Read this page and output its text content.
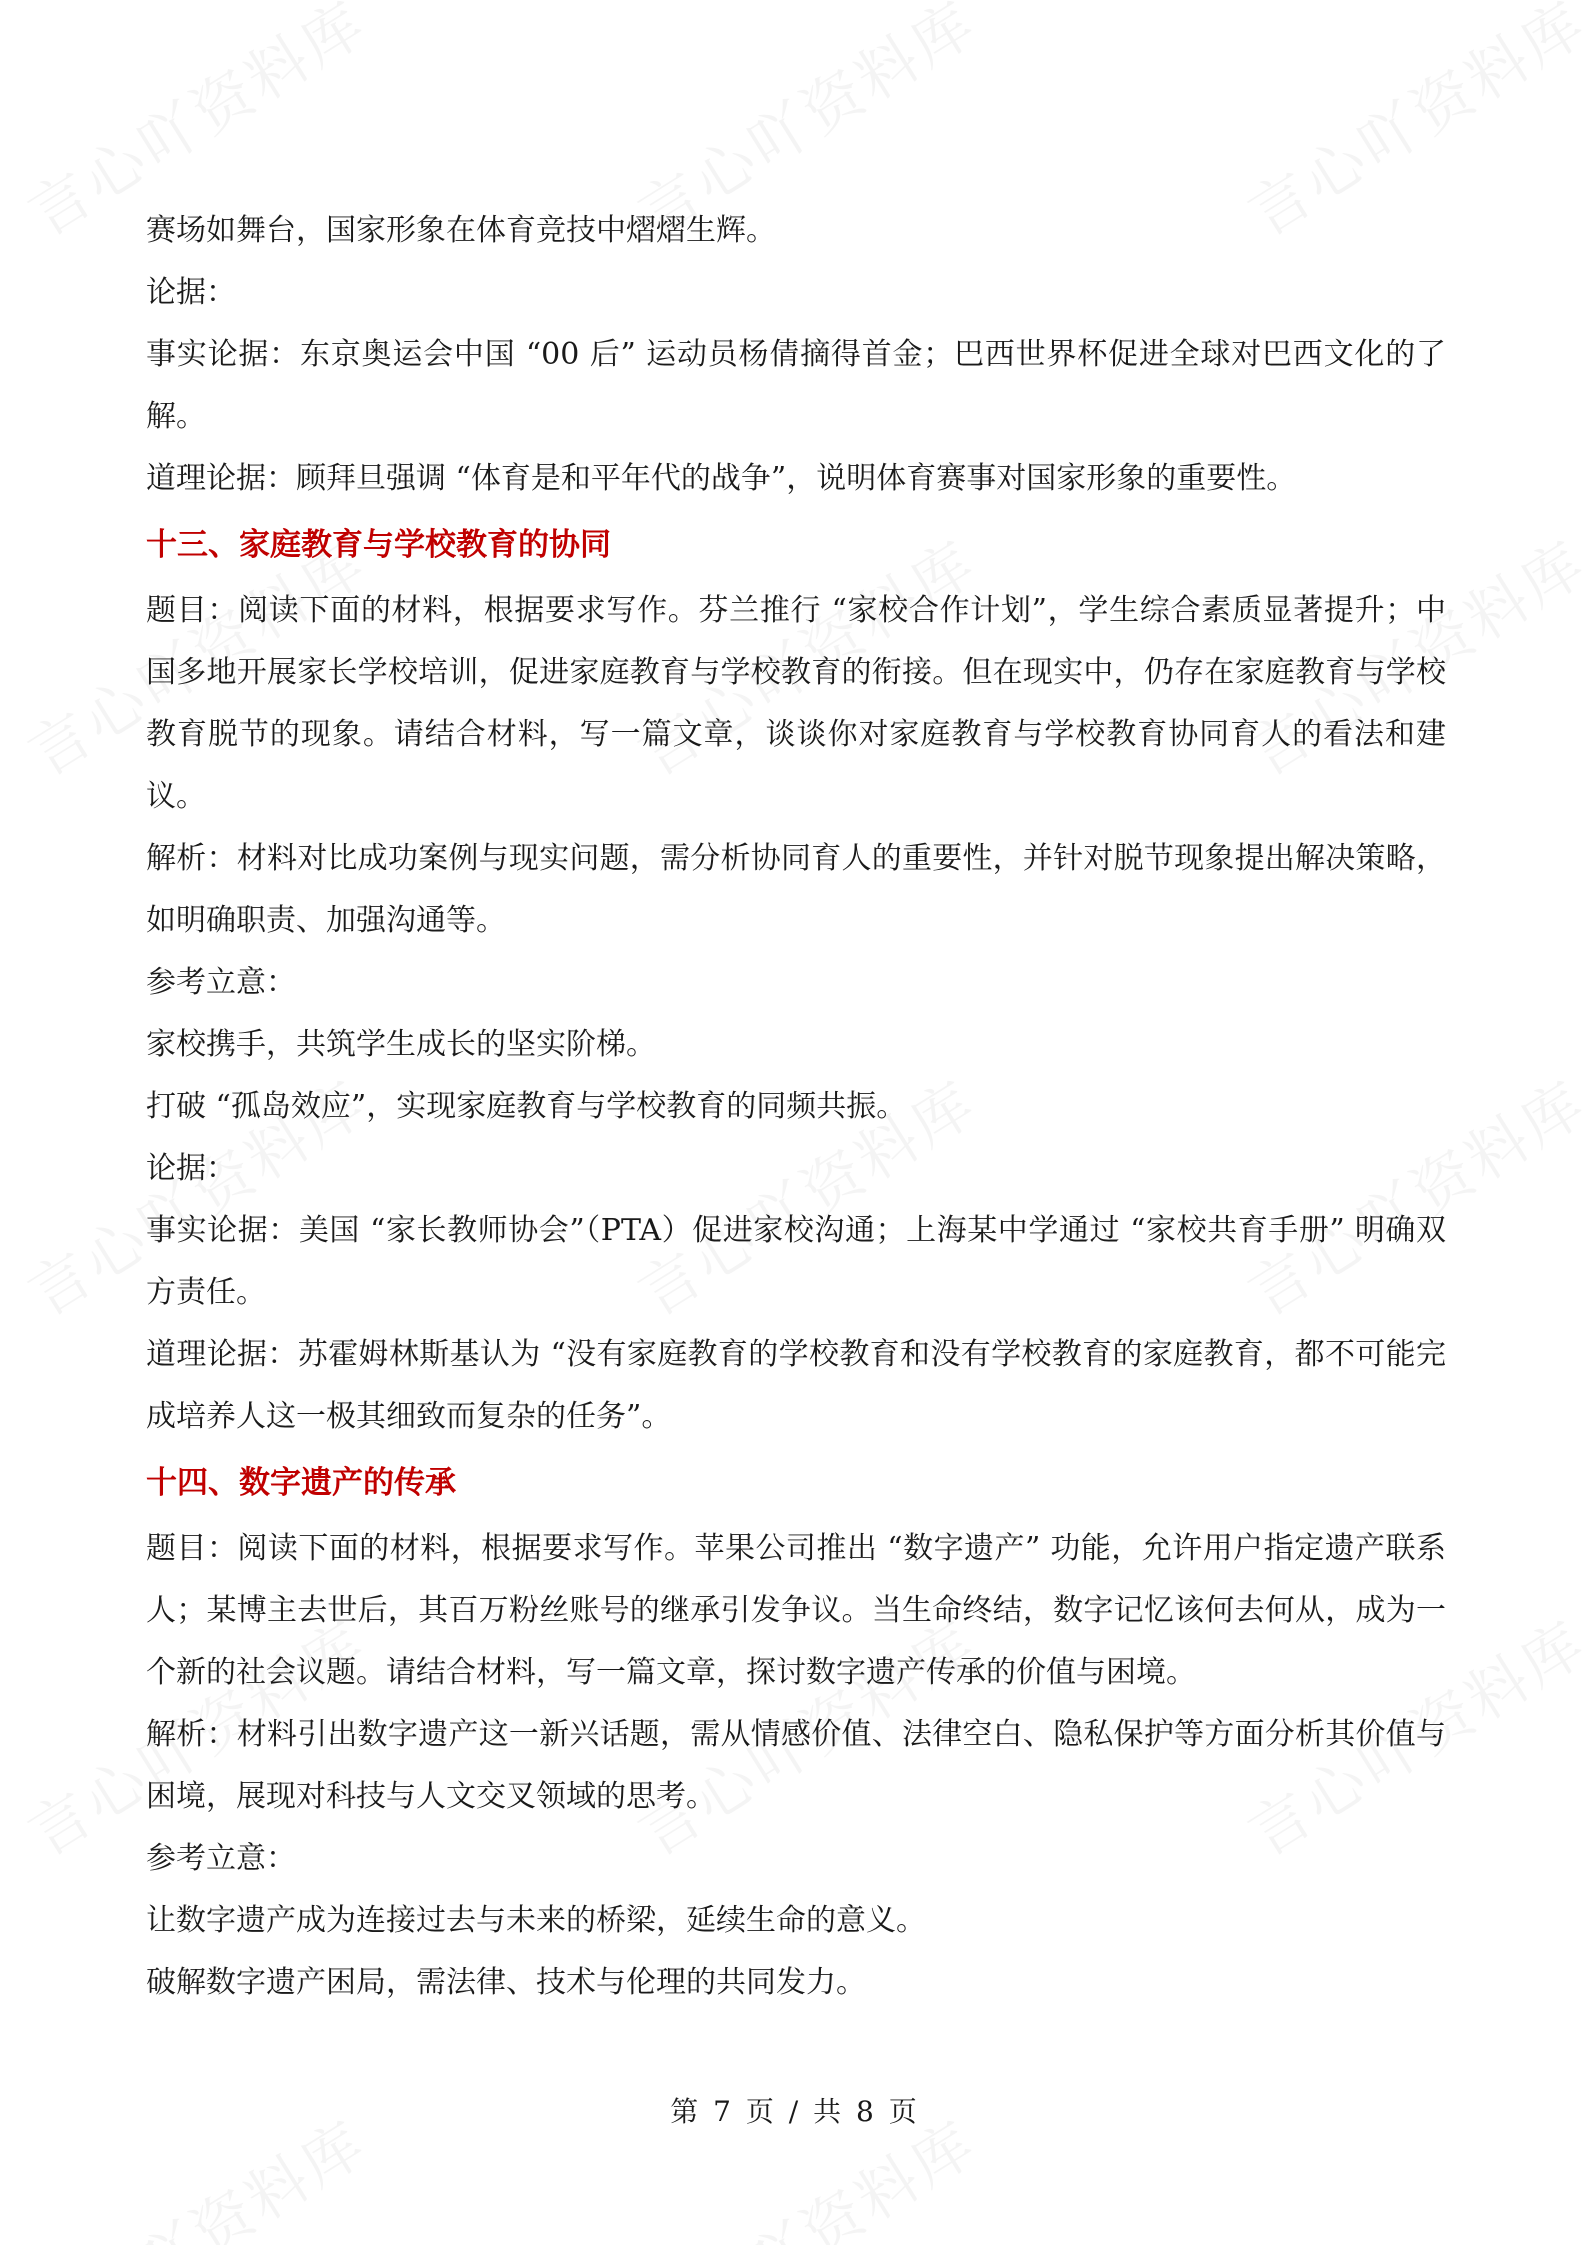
赛场如舞台，国家形象在体育竞技中熠熠生辉。

论据：

事实论据：东京奥运会中国 “00 后” 运动员杨倩摘得首金；巴西世界杯促进全球对巴西文化的了解。

道理论据：顾拜旦强调 “体育是和平年代的战争”，说明体育赛事对国家形象的重要性。

十三、家庭教育与学校教育的协同

题目：阅读下面的材料，根据要求写作。芬兰推行 “家校合作计划”，学生综合素质显著提升；中国多地开展家长学校培训，促进家庭教育与学校教育的衔接。但在现实中，仍存在家庭教育与学校教育脱节的现象。请结合材料，写一篇文章，谈谈你对家庭教育与学校教育协同育人的看法和建议。

解析：材料对比成功案例与现实问题，需分析协同育人的重要性，并针对脱节现象提出解决策略，如明确职责、加强沟通等。

参考立意：

家校携手，共筑学生成长的坚实阶梯。

打破 “孤岛效应”，实现家庭教育与学校教育的同频共振。

论据：

事实论据：美国 “家长教师协会”（PTA）促进家校沟通；上海某中学通过 “家校共育手册” 明确双方责任。

道理论据：苏霍姆林斯基认为 “没有家庭教育的学校教育和没有学校教育的家庭教育，都不可能完成培养人这一极其细致而复杂的任务”。

十四、数字遗产的传承

题目：阅读下面的材料，根据要求写作。苹果公司推出 “数字遗产” 功能，允许用户指定遗产联系人；某博主去世后，其百万粉丝账号的继承引发争议。当生命终结，数字记忆该何去何从，成为一个新的社会议题。请结合材料，写一篇文章，探讨数字遗产传承的价值与困境。

解析：材料引出数字遗产这一新兴话题，需从情感价值、法律空白、隐私保护等方面分析其价值与困境，展现对科技与人文交叉领域的思考。

参考立意：

让数字遗产成为连接过去与未来的桥梁，延续生命的意义。

破解数字遗产困局，需法律、技术与伦理的共同发力。

第 7 页 / 共 8 页
